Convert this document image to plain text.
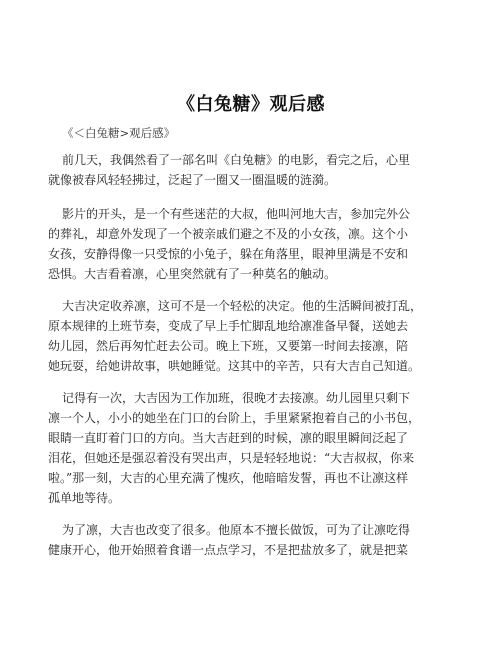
《白兔糖》观后感
《＜白兔糖>观后感》
前几天，我偶然看了一部名叫《白兔糖》的电影，看完之后，心里
就像被春风轻轻拂过，泛起了一圈又一圈温暖的涟漪。
影片的开头，是一个有些迷茫的大叔，他叫河地大吉，参加完外公
的葬礼，却意外发现了一个被亲戚们避之不及的小女孩，凛。这个小
女孩，安静得像一只受惊的小兔子，躲在角落里，眼神里满是不安和
恐惧。大吉看着凛，心里突然就有了一种莫名的触动。
大吉决定收养凛，这可不是一个轻松的决定。他的生活瞬间被打乱，
原本规律的上班节奏，变成了早上手忙脚乱地给凛准备早餐，送她去
幼儿园，然后再匆忙赶去公司。晚上下班，又要第一时间去接凛，陪
她玩耍，给她讲故事，哄她睡觉。这其中的辛苦，只有大吉自己知道。
记得有一次，大吉因为工作加班，很晚才去接凛。幼儿园里只剩下
凛一个人，小小的她坐在门口的台阶上，手里紧紧抱着自己的小书包，
眼睛一直盯着门口的方向。当大吉赶到的时候，凛的眼里瞬间泛起了
泪花，但她还是强忍着没有哭出声，只是轻轻地说：“大吉叔叔，你来
啦。”那一刻，大吉的心里充满了愧疚，他暗暗发誓，再也不让凛这样
孤单地等待。
为了凛，大吉也改变了很多。他原本不擅长做饭，可为了让凛吃得
健康开心，他开始照着食谱一点点学习，不是把盐放多了，就是把菜
